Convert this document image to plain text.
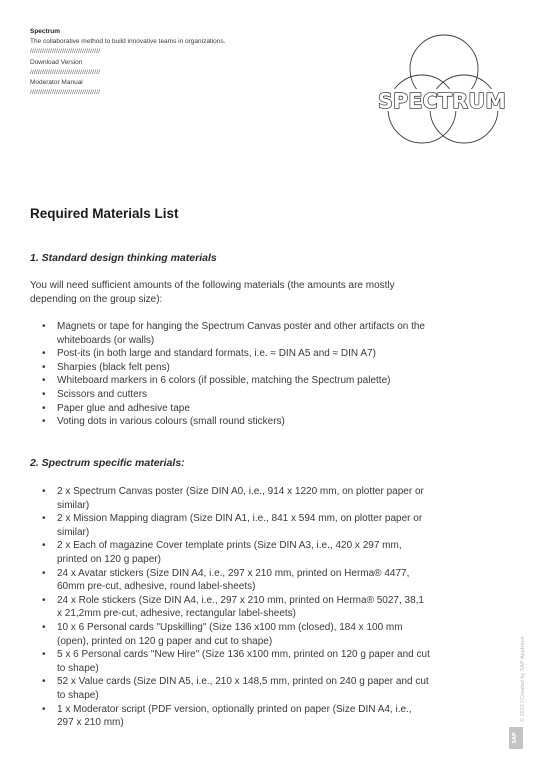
Spectrum
The collaborative method to build innovative teams in organizations.
///////////////////////////////////
Download Version
///////////////////////////////////
Moderator Manual
///////////////////////////////////	SPECTRUM
Required Materials List
1. Standard design thinking materials

You will need sufficient amounts of the following materials (the amounts are mostly depending on the group size):

• Magnets or tape for hanging the Spectrum Canvas poster and other artifacts on the whiteboards (or walls)
• Post-its (in both large and standard formats, i.e. ≈ DIN A5 and ≈ DIN A7)
• Sharpies (black felt pens)
• Whiteboard markers in 6 colors (if possible, matching the Spectrum palette)
• Scissors and cutters
• Paper glue and adhesive tape
• Voting dots in various colours (small round stickers)
2. Spectrum specific materials:
• 2 x Spectrum Canvas poster (Size DIN A0, i.e., 914 x 1220 mm, on plotter paper or similar)
• 2 x Mission Mapping diagram (Size DIN A1, i.e., 841 x 594 mm, on plotter paper or similar)
• 2 x Each of magazine Cover template prints (Size DIN A3, i.e., 420 x 297 mm, printed on 120 g paper)
• 24 x Avatar stickers (Size DIN A4, i.e., 297 x 210 mm, printed on Herma® 4477, 60mm pre-cut, adhesive, round label-sheets)
• 24 x Role stickers (Size DIN A4, i.e., 297 x 210 mm, printed on Herma® 5027, 38,1 x 21,2mm pre-cut, adhesive, rectangular label-sheets)
• 10 x 6 Personal cards "Upskilling" (Size 136 x100 mm (closed), 184 x 100 mm (open), printed on 120 g paper and cut to shape)
• 5 x 6 Personal cards "New Hire" (Size 136 x100 mm, printed on 120 g paper and cut to shape)
• 52 x Value cards (Size DIN A5, i.e., 210 x 148,5 mm, printed on 240 g paper and cut to shape)
• 1 x Moderator script (PDF version, optionally printed on paper (Size DIN A4, i.e., 297 x 210 mm)
© 2019 | Created by SAP AppHaus
SAP
